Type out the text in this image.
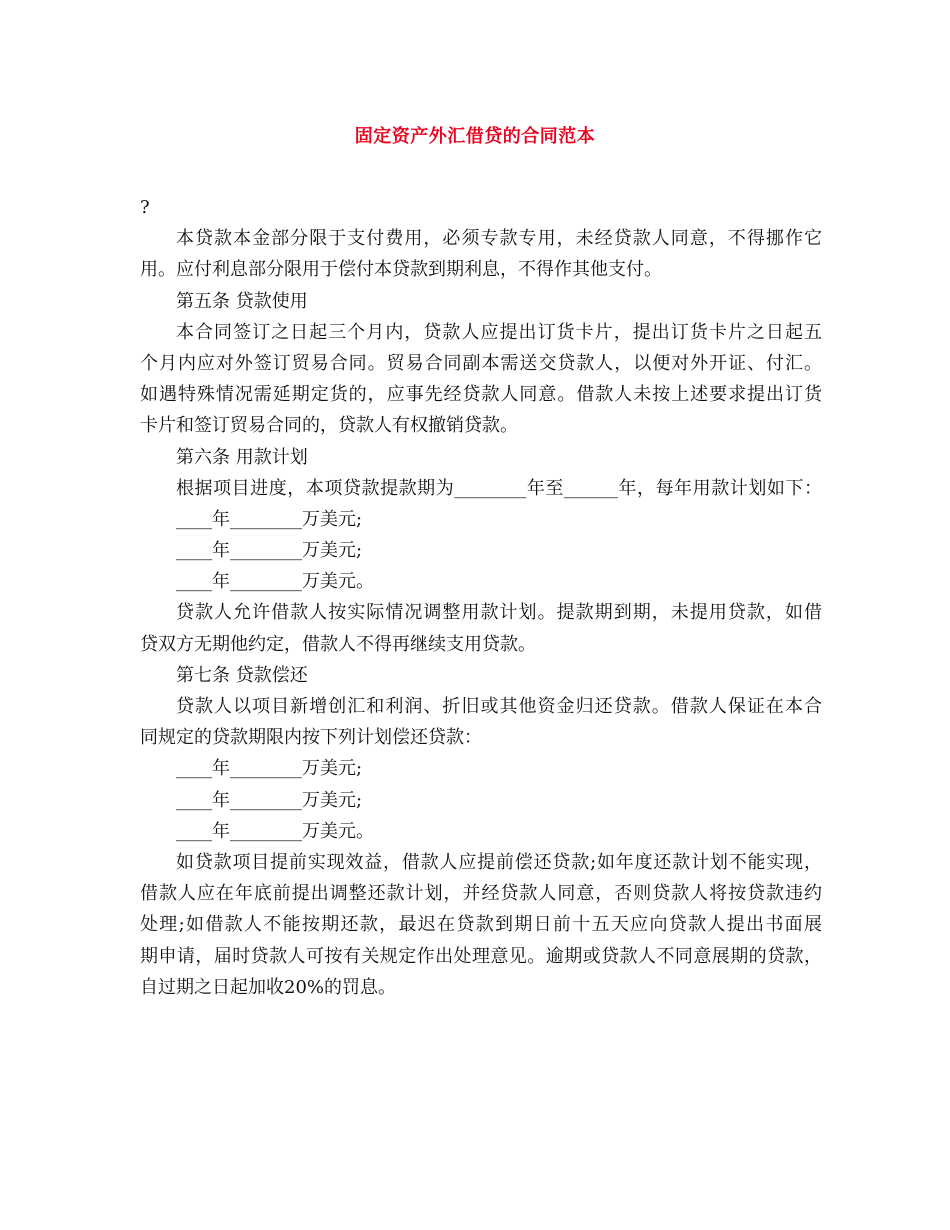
固定资产外汇借贷的合同范本
?
本贷款本金部分限于支付费用，必须专款专用，未经贷款人同意，不得挪作它
用。应付利息部分限用于偿付本贷款到期利息，不得作其他支付。
第五条 贷款使用
本合同签订之日起三个月内，贷款人应提出订货卡片，提出订货卡片之日起五
个月内应对外签订贸易合同。贸易合同副本需送交贷款人，以便对外开证、付汇。
如遇特殊情况需延期定货的，应事先经贷款人同意。借款人未按上述要求提出订货
卡片和签订贸易合同的，贷款人有权撤销贷款。
第六条 用款计划
根据项目进度，本项贷款提款期为________年至______年，每年用款计划如下：
____年________万美元;
____年________万美元;
____年________万美元。
贷款人允许借款人按实际情况调整用款计划。提款期到期，未提用贷款，如借
贷双方无期他约定，借款人不得再继续支用贷款。
第七条 贷款偿还
贷款人以项目新增创汇和利润、折旧或其他资金归还贷款。借款人保证在本合
同规定的贷款期限内按下列计划偿还贷款：
____年________万美元;
____年________万美元;
____年________万美元。
如贷款项目提前实现效益，借款人应提前偿还贷款;如年度还款计划不能实现，
借款人应在年底前提出调整还款计划，并经贷款人同意，否则贷款人将按贷款违约
处理;如借款人不能按期还款，最迟在贷款到期日前十五天应向贷款人提出书面展
期申请，届时贷款人可按有关规定作出处理意见。逾期或贷款人不同意展期的贷款，
自过期之日起加收20%的罚息。
